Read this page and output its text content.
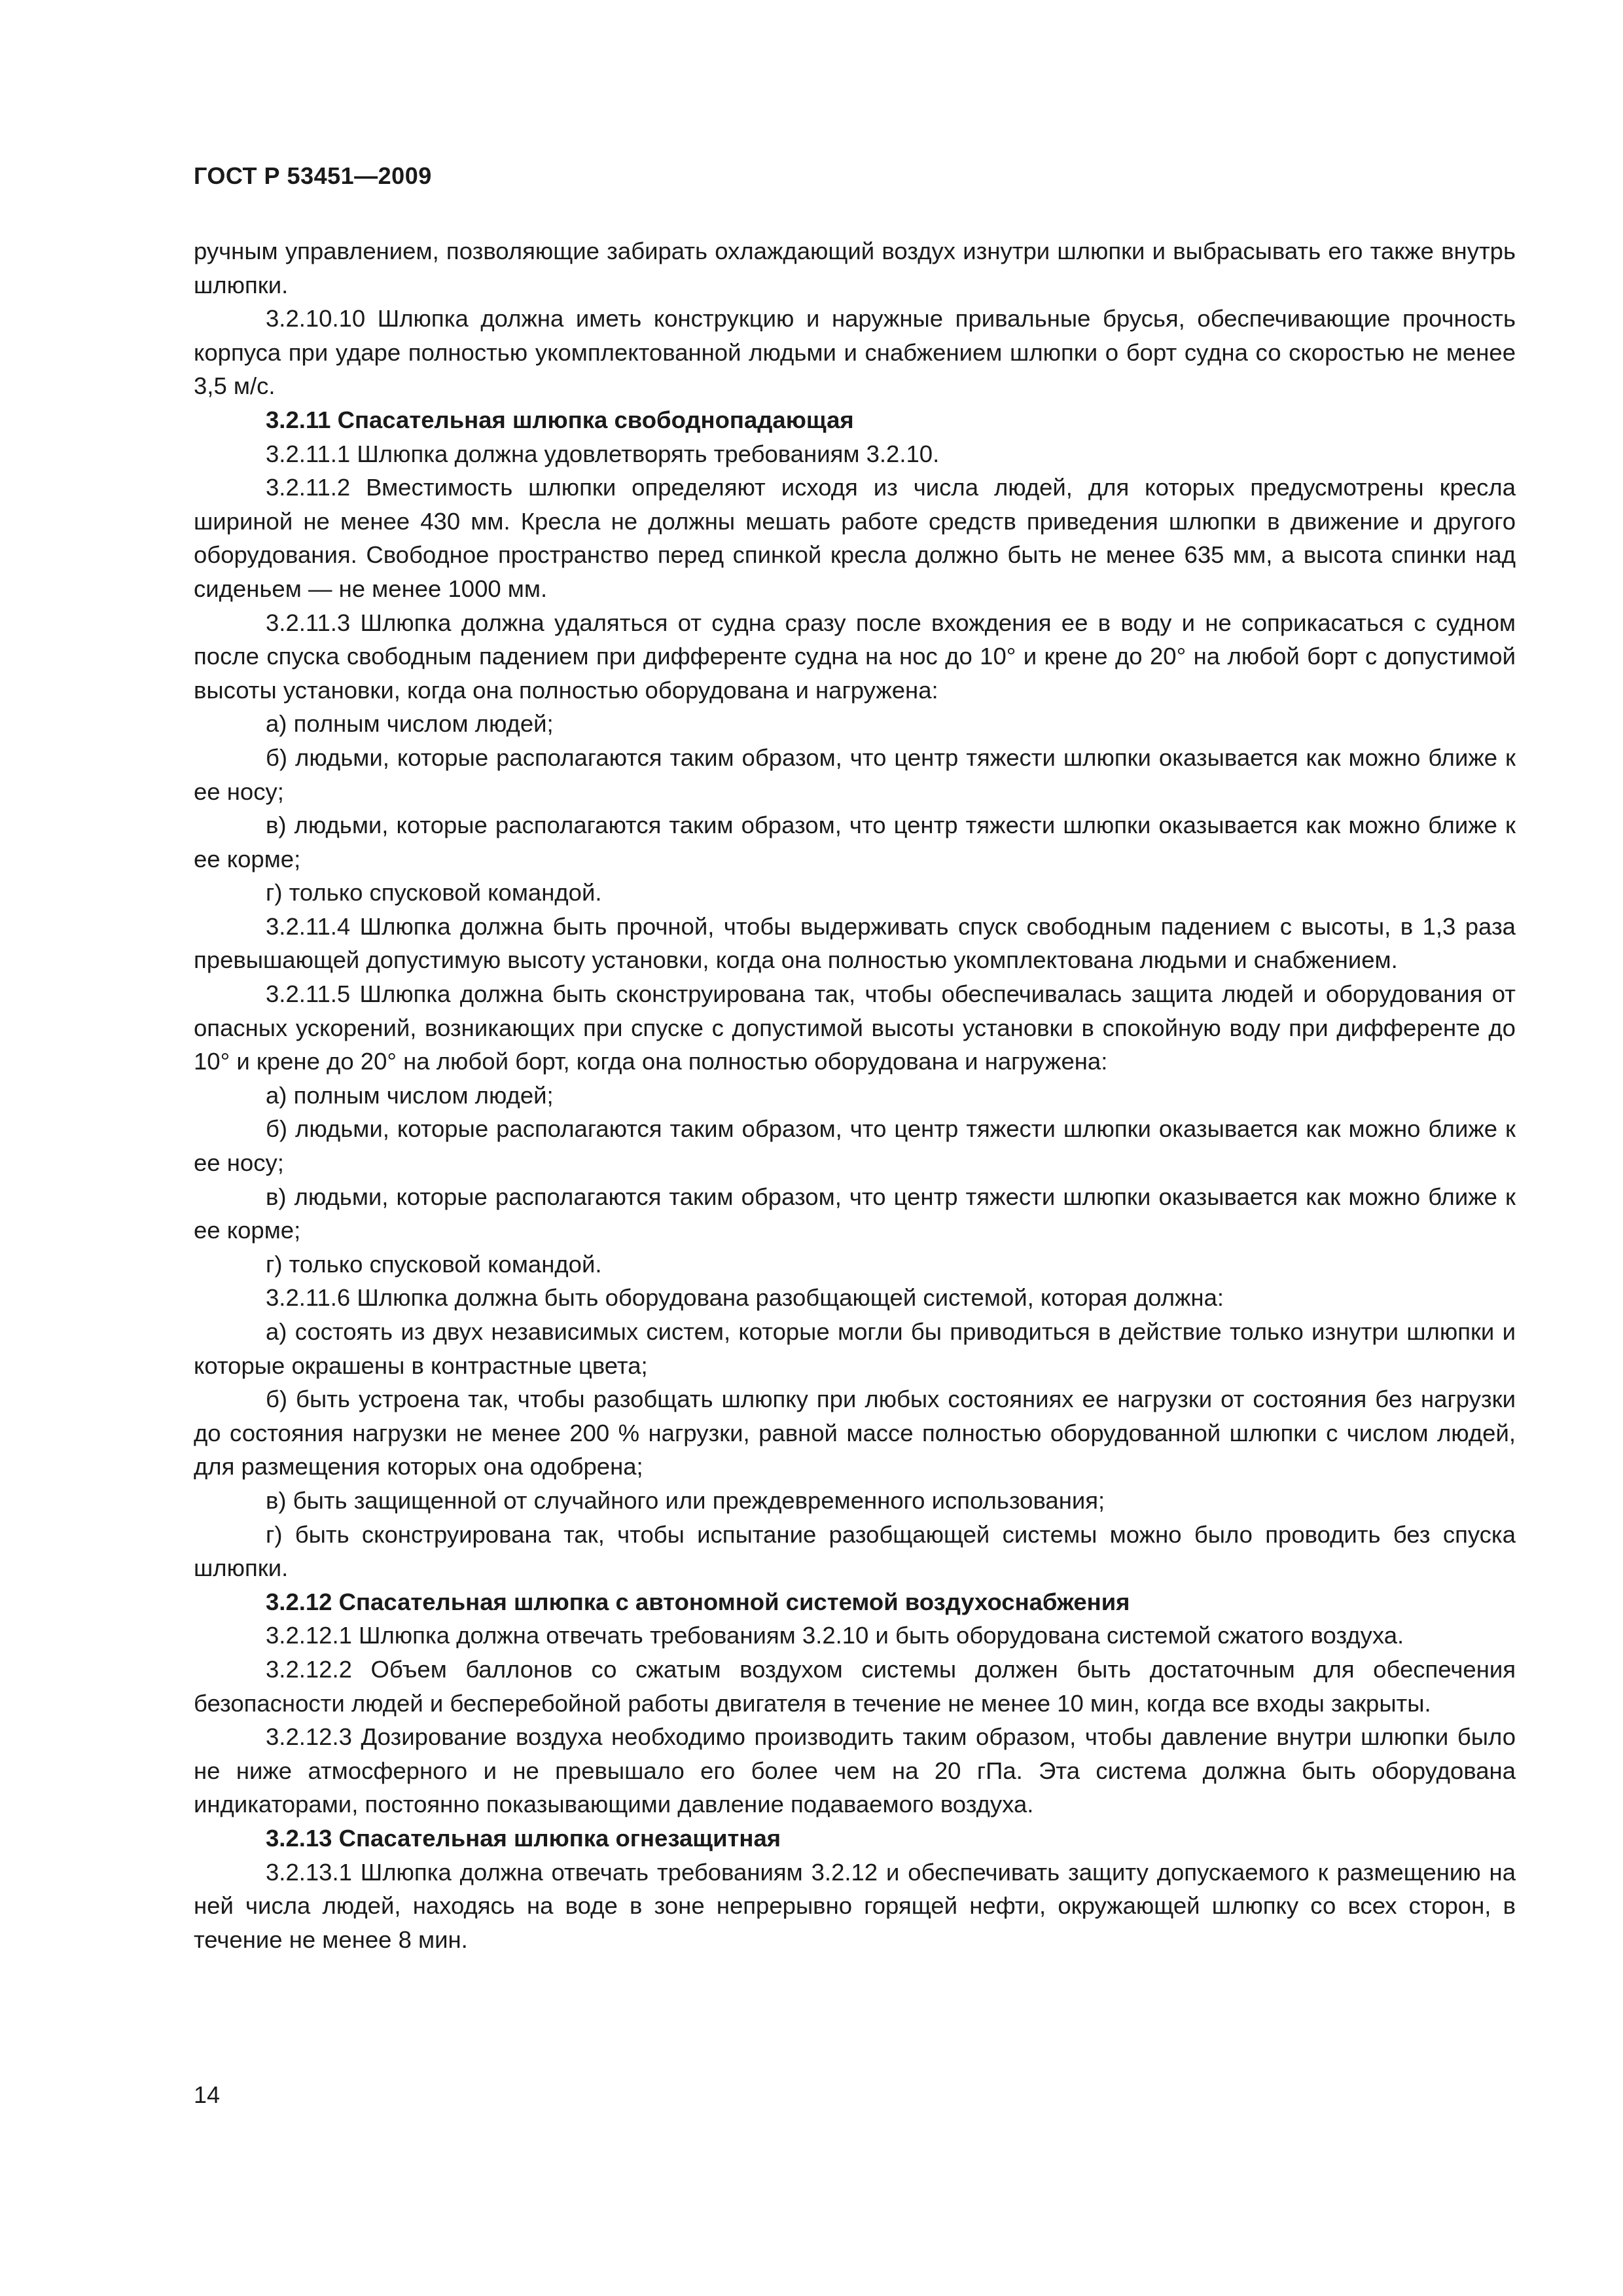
ГОСТ Р 53451—2009

ручным управлением, позволяющие забирать охлаждающий воздух изнутри шлюпки и выбрасывать его также внутрь шлюпки.

3.2.10.10 Шлюпка должна иметь конструкцию и наружные привальные брусья, обеспечивающие прочность корпуса при ударе полностью укомплектованной людьми и снабжением шлюпки о борт судна со скоростью не менее 3,5 м/с.

3.2.11 Спасательная шлюпка свободнопадающая

3.2.11.1 Шлюпка должна удовлетворять требованиям 3.2.10.

3.2.11.2 Вместимость шлюпки определяют исходя из числа людей, для которых предусмотрены кресла шириной не менее 430 мм. Кресла не должны мешать работе средств приведения шлюпки в движение и другого оборудования. Свободное пространство перед спинкой кресла должно быть не менее 635 мм, а высота спинки над сиденьем — не менее 1000 мм.

3.2.11.3 Шлюпка должна удаляться от судна сразу после вхождения ее в воду и не соприкасаться с судном после спуска свободным падением при дифференте судна на нос до 10° и крене до 20° на любой борт с допустимой высоты установки, когда она полностью оборудована и нагружена:

а) полным числом людей;

б) людьми, которые располагаются таким образом, что центр тяжести шлюпки оказывается как можно ближе к ее носу;

в) людьми, которые располагаются таким образом, что центр тяжести шлюпки оказывается как можно ближе к ее корме;

г) только спусковой командой.

3.2.11.4 Шлюпка должна быть прочной, чтобы выдерживать спуск свободным падением с высоты, в 1,3 раза превышающей допустимую высоту установки, когда она полностью укомплектована людьми и снабжением.

3.2.11.5 Шлюпка должна быть сконструирована так, чтобы обеспечивалась защита людей и оборудования от опасных ускорений, возникающих при спуске с допустимой высоты установки в спокойную воду при дифференте до 10° и крене до 20° на любой борт, когда она полностью оборудована и нагружена:

а) полным числом людей;

б) людьми, которые располагаются таким образом, что центр тяжести шлюпки оказывается как можно ближе к ее носу;

в) людьми, которые располагаются таким образом, что центр тяжести шлюпки оказывается как можно ближе к ее корме;

г) только спусковой командой.

3.2.11.6 Шлюпка должна быть оборудована разобщающей системой, которая должна:

а) состоять из двух независимых систем, которые могли бы приводиться в действие только изнутри шлюпки и которые окрашены в контрастные цвета;

б) быть устроена так, чтобы разобщать шлюпку при любых состояниях ее нагрузки от состояния без нагрузки до состояния нагрузки не менее 200 % нагрузки, равной массе полностью оборудованной шлюпки с числом людей, для размещения которых она одобрена;

в) быть защищенной от случайного или преждевременного использования;

г) быть сконструирована так, чтобы испытание разобщающей системы можно было проводить без спуска шлюпки.

3.2.12 Спасательная шлюпка с автономной системой воздухоснабжения

3.2.12.1 Шлюпка должна отвечать требованиям 3.2.10 и быть оборудована системой сжатого воздуха.

3.2.12.2 Объем баллонов со сжатым воздухом системы должен быть достаточным для обеспечения безопасности людей и бесперебойной работы двигателя в течение не менее 10 мин, когда все входы закрыты.

3.2.12.3 Дозирование воздуха необходимо производить таким образом, чтобы давление внутри шлюпки было не ниже атмосферного и не превышало его более чем на 20 гПа. Эта система должна быть оборудована индикаторами, постоянно показывающими давление подаваемого воздуха.

3.2.13 Спасательная шлюпка огнезащитная

3.2.13.1 Шлюпка должна отвечать требованиям 3.2.12 и обеспечивать защиту допускаемого к размещению на ней числа людей, находясь на воде в зоне непрерывно горящей нефти, окружающей шлюпку со всех сторон, в течение не менее 8 мин.

14
